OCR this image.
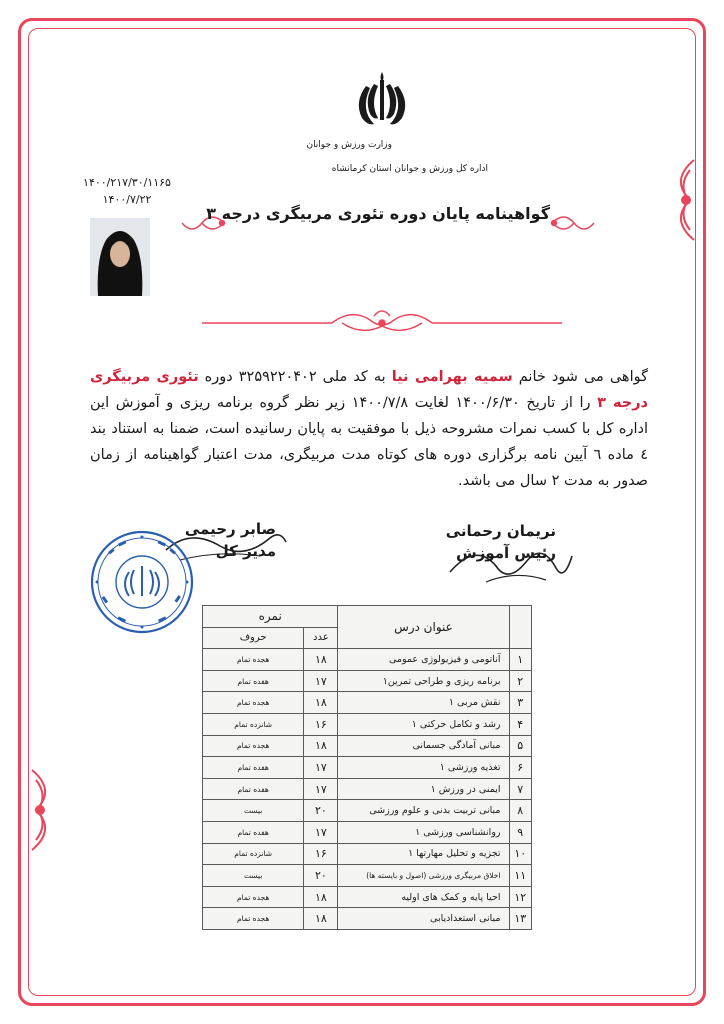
وزارت ورزش و جوانان
اداره کل ورزش و جوانان استان کرمانشاه
۱۴۰۰/۲۱۷/۳۰/۱۱۶۵
۱۴۰۰/۷/۲۲
گواهینامه پایان دوره تئوری مربیگری درجه ۳
گواهی می شود خانم سمیه بهرامی نیا به کد ملی ۳۲۵۹۲۲۰۴۰۲ دوره تئوری مربیگری درجه ۳ را از تاریخ ۱۴۰۰/۶/۳۰ لغایت ۱۴۰۰/۷/۸ زیر نظر گروه برنامه ریزی و آموزش این اداره کل با کسب نمرات مشروحه ذیل با موفقیت به پایان رسانیده است، ضمنا به استناد بند ٤ ماده ٦ آیین نامه برگزاری دوره های کوتاه مدت مربیگری، مدت اعتبار گواهینامه از زمان صدور به مدت ۲ سال می باشد.
نریمان رحمانی
رئیس آموزش
صابر رحیمی
مدیر کل
	عنوان درس	نمره	
		عدد	حروف
۱	آناتومی و فیزیولوژی عمومی	۱۸	هجده تمام
۲	برنامه ریزی و طراحی تمرین۱	۱۷	هفده تمام
۳	نقش مربی ۱	۱۸	هجده تمام
۴	رشد و تکامل حرکتی ۱	۱۶	شانزده تمام
۵	مبانی آمادگی جسمانی	۱۸	هجده تمام
۶	تغذیه ورزشی ۱	۱۷	هفده تمام
۷	ایمنی در ورزش ۱	۱۷	هفده تمام
۸	مبانی تربیت بدنی و علوم ورزشی	۲۰	بیست
۹	روانشناسی ورزشی ۱	۱۷	هفده تمام
۱۰	تجزیه و تحلیل مهارتها ۱	۱۶	شانزده تمام
۱۱	اخلاق مربیگری ورزشی (اصول و بایسته ها)	۲۰	بیست
۱۲	احیا پایه و کمک های اولیه	۱۸	هجده تمام
۱۳	مبانی استعدادیابی	۱۸	هجده تمام
